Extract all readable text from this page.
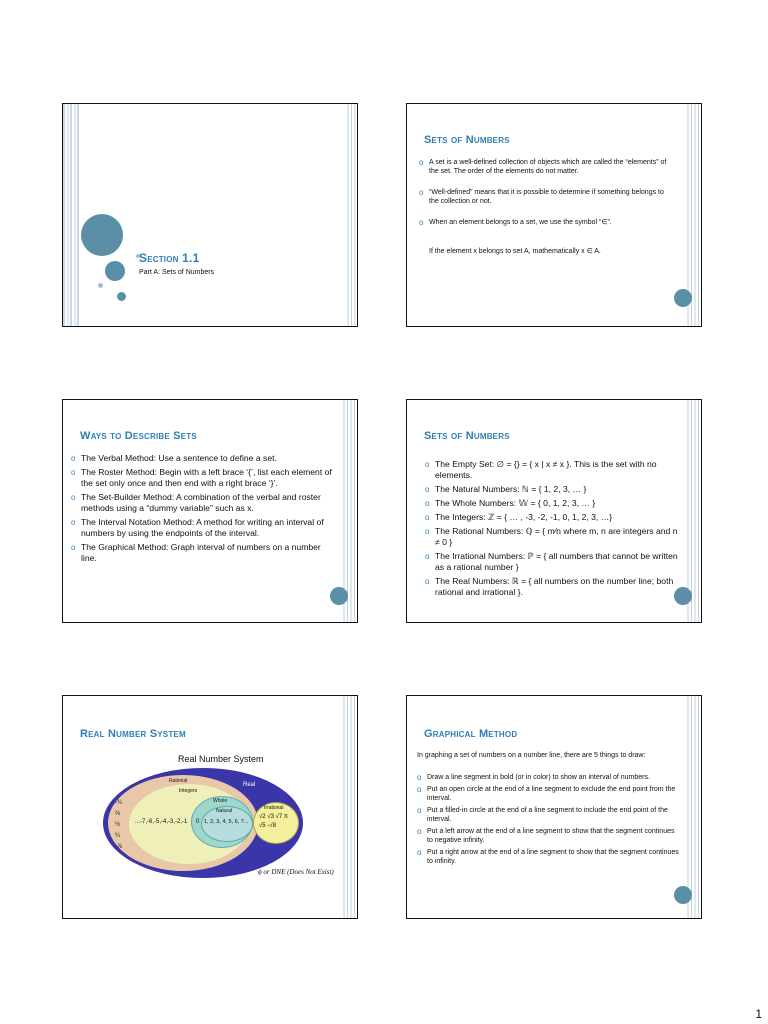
Section 1.1
Part A: Sets of Numbers
Sets of Numbers
o A set is a well-defined collection of objects which are called the “elements” of the set. The order of the elements do not matter.
o “Well-defined” means that it is possible to determine if something belongs to the collection or not.
o When an element belongs to a set, we use the symbol “∈”.
If the element x belongs to set A, mathematically x ∈ A.
Ways to Describe Sets
o The Verbal Method: Use a sentence to define a set.
o The Roster Method: Begin with a left brace ‘{’, list each element of the set only once and then end with a right brace ‘}’.
o The Set-Builder Method: A combination of the verbal and roster methods using a “dummy variable” such as x.
o The Interval Notation Method: A method for writing an interval of numbers by using the endpoints of the interval.
o The Graphical Method: Graph interval of numbers on a number line.
Sets of Numbers
o The Empty Set: ∅ = {} = { x | x ≠ x }. This is the set with no elements.
o The Natural Numbers: ℕ = { 1, 2, 3, … }
o The Whole Numbers: 𝕎 = { 0, 1, 2, 3, … }
o The Integers: ℤ = { … , -3, -2, -1, 0, 1, 2, 3, …}
o The Rational Numbers: ℚ = { m⁄n where m, n are integers and n ≠ 0 }
o The Irrational Numbers: ℙ = { all numbers that cannot be written as a rational number }
o The Real Numbers: ℝ = { all numbers on the number line; both rational and irrational }.
Real Number System
Real Number System
Real
Rational
-¾ ⅔ ½ ¼ -⅞
Integers
...-7,-6,-5,-4,-3,-2,-1
Whole
0
Natural
1, 2, 3, 4, 5, 6, 7...
Irrational
√2 √3 √7 π √5 -√8
ϕ or DNE (Does Not Exist)
Graphical Method
In graphing a set of numbers on a number line, there are 5 things to draw:
o Draw a line segment in bold (or in color) to show an interval of numbers.
o Put an open circle at the end of a line segment to exclude the end point from the interval.
o Put a filled-in circle at the end of a line segment to include the end point of the interval.
o Put a left arrow at the end of a line segment to show that the segment continues to negative infinity.
o Put a right arrow at the end of a line segment to show that the segment continues to infinity.
1
